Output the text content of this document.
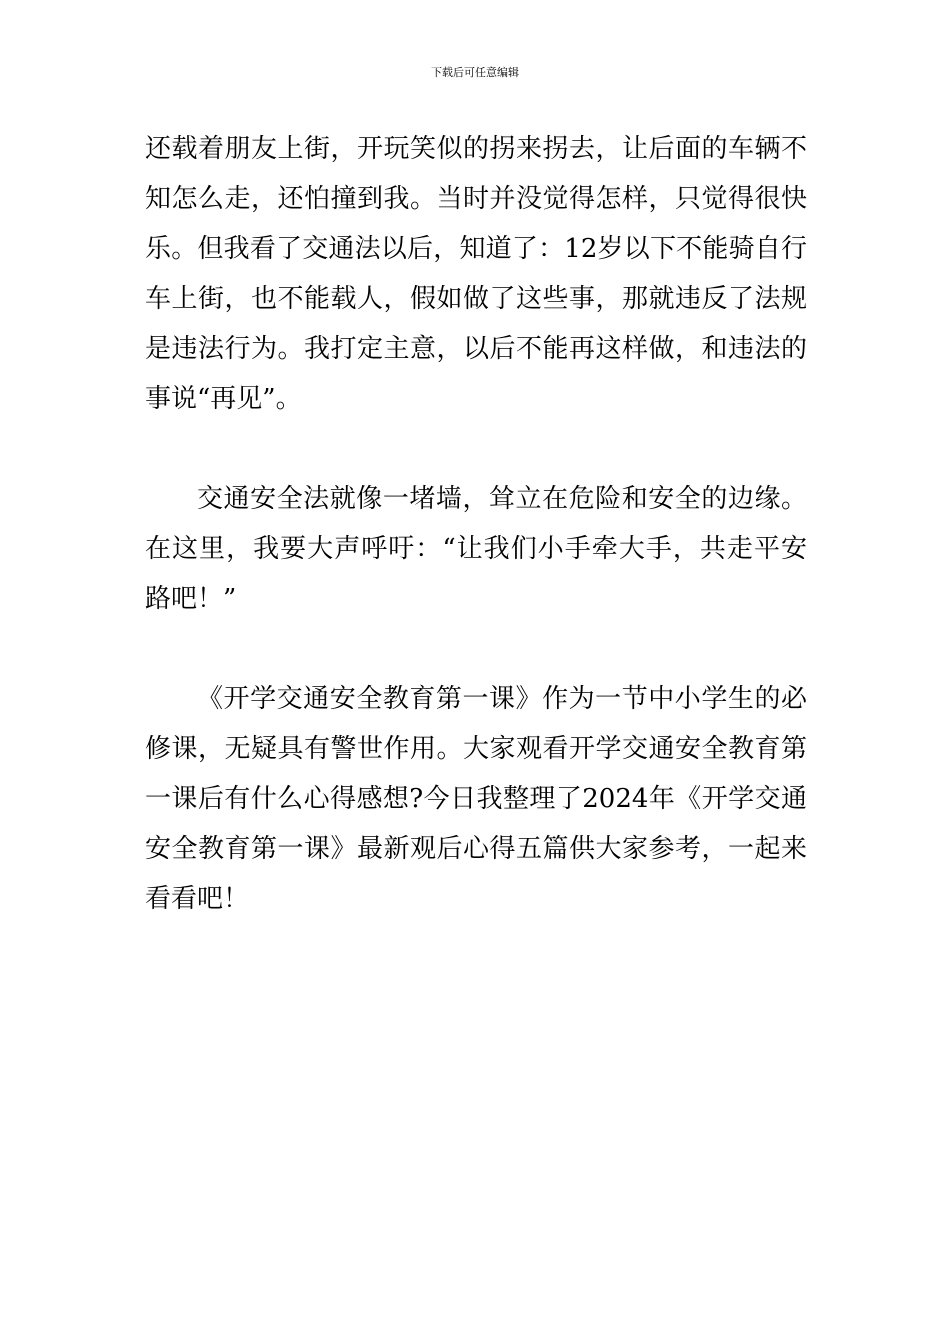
下载后可任意编辑

还载着朋友上街，开玩笑似的拐来拐去，让后面的车辆不知怎么走，还怕撞到我。当时并没觉得怎样，只觉得很快乐。但我看了交通法以后，知道了：12岁以下不能骑自行车上街，也不能载人，假如做了这些事，那就违反了法规是违法行为。我打定主意，以后不能再这样做，和违法的事说“再见”。

交通安全法就像一堵墙，耸立在危险和安全的边缘。在这里，我要大声呼吁：“让我们小手牵大手，共走平安路吧！”

《开学交通安全教育第一课》作为一节中小学生的必修课，无疑具有警世作用。大家观看开学交通安全教育第一课后有什么心得感想?今日我整理了2024年《开学交通安全教育第一课》最新观后心得五篇供大家参考，一起来看看吧！
